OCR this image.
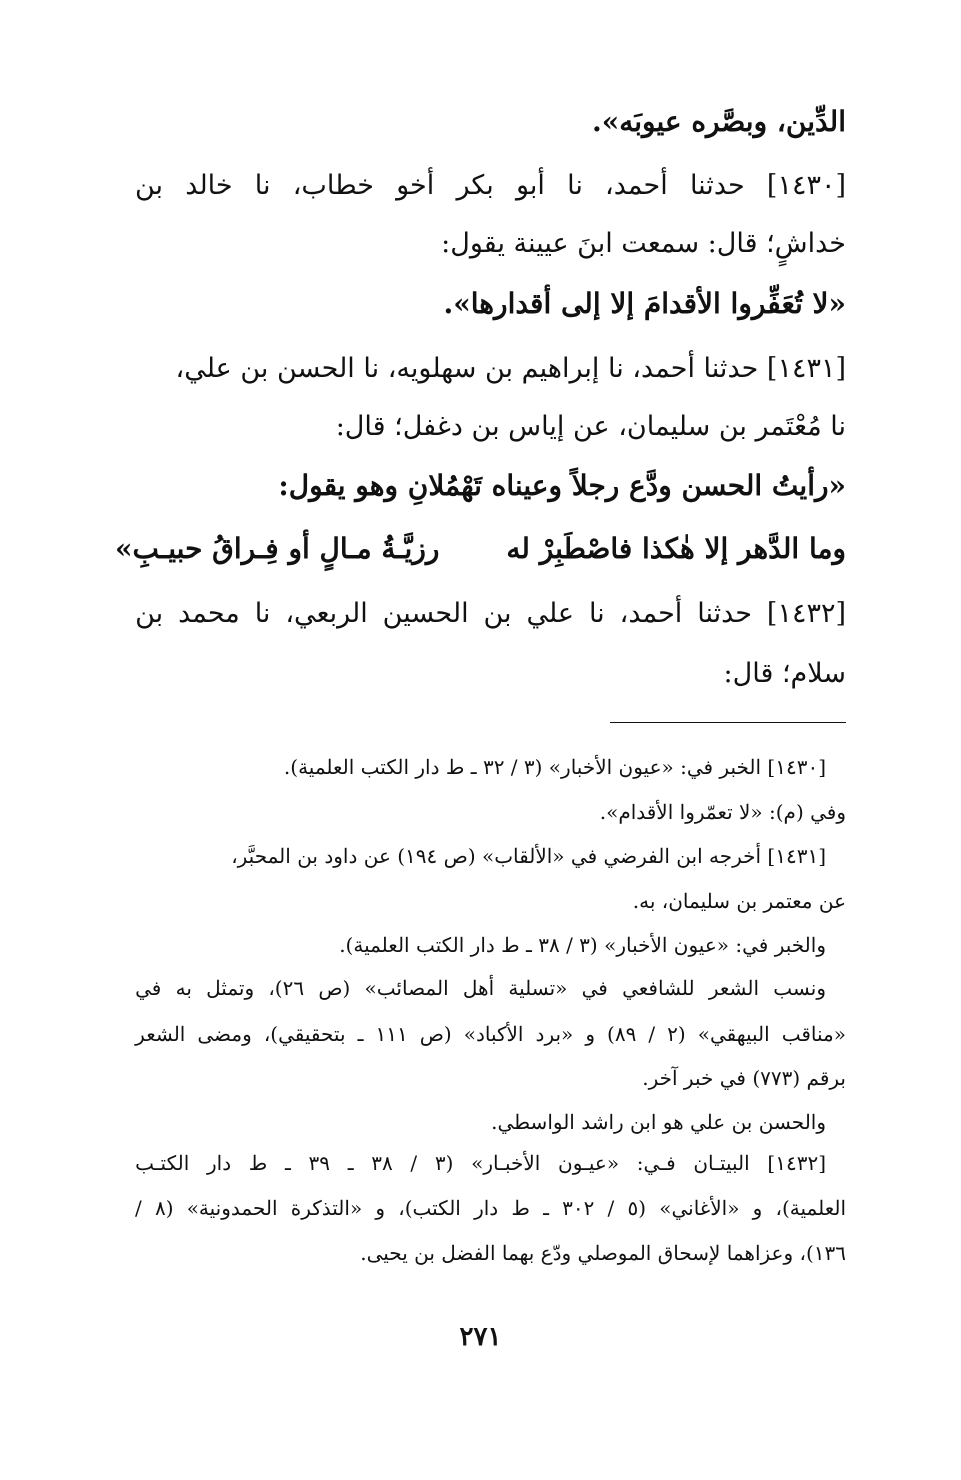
الدِّين، وبصَّره عيوبَه».
[١٤٣٠]
حدثنا
أحمد،
نا
أبو
بكر
أخو
خطاب،
نا
خالد
بن
خداشٍ؛ قال: سمعت ابنَ عيينة يقول:
«لا تُعَفِّروا الأقدامَ إلا إلى أقدارها».
[١٤٣١] حدثنا أحمد، نا إبراهيم بن سهلويه، نا الحسن بن علي،
نا مُعْتَمر بن سليمان، عن إياس بن دغفل؛ قال:
«رأيتُ الحسن ودَّع رجلاً وعيناه تَهْمُلانِ وهو يقول:
وما الدَّهر إلا هٰكذا فاصْطَبِرْ له
رزيَّـةُ مـالٍ أو فِـراقُ حبيـبِ»
[١٤٣٢]
حدثنا
أحمد،
نا
علي
بن
الحسين
الربعي،
نا
محمد
بن
سلام؛ قال:
[١٤٣٠] الخبر في: «عيون الأخبار» (٣ / ٣٢ ـ ط دار الكتب العلمية).
وفي (م): «لا تعمّروا الأقدام».
[١٤٣١] أخرجه ابن الفرضي في «الألقاب» (ص ١٩٤) عن داود بن المحبَّر،
عن معتمر بن سليمان، به.
والخبر في: «عيون الأخبار» (٣ / ٣٨ ـ ط دار الكتب العلمية).
ونسب
الشعر
للشافعي
في
«تسلية
أهل
المصائب»
(ص
٢٦)،
وتمثل
به
في
«مناقب
البيهقي»
(٢
/
٨٩)
و
«برد
الأكباد»
(ص
١١١
ـ
بتحقيقي)،
ومضى
الشعر
برقم (٧٧٣) في خبر آخر.
والحسن بن علي هو ابن راشد الواسطي.
[١٤٣٢]
البيتـان
فـي:
«عيـون
الأخبـار»
(٣
/
٣٨
ـ
٣٩
ـ
ط
دار
الكتـب
العلمية)،
و
«الأغاني»
(٥
/
٣٠٢
ـ
ط
دار
الكتب)،
و
«التذكرة
الحمدونية»
(٨
/
١٣٦)، وعزاهما لإسحاق الموصلي ودّع بهما الفضل بن يحيى.
٢٧١
